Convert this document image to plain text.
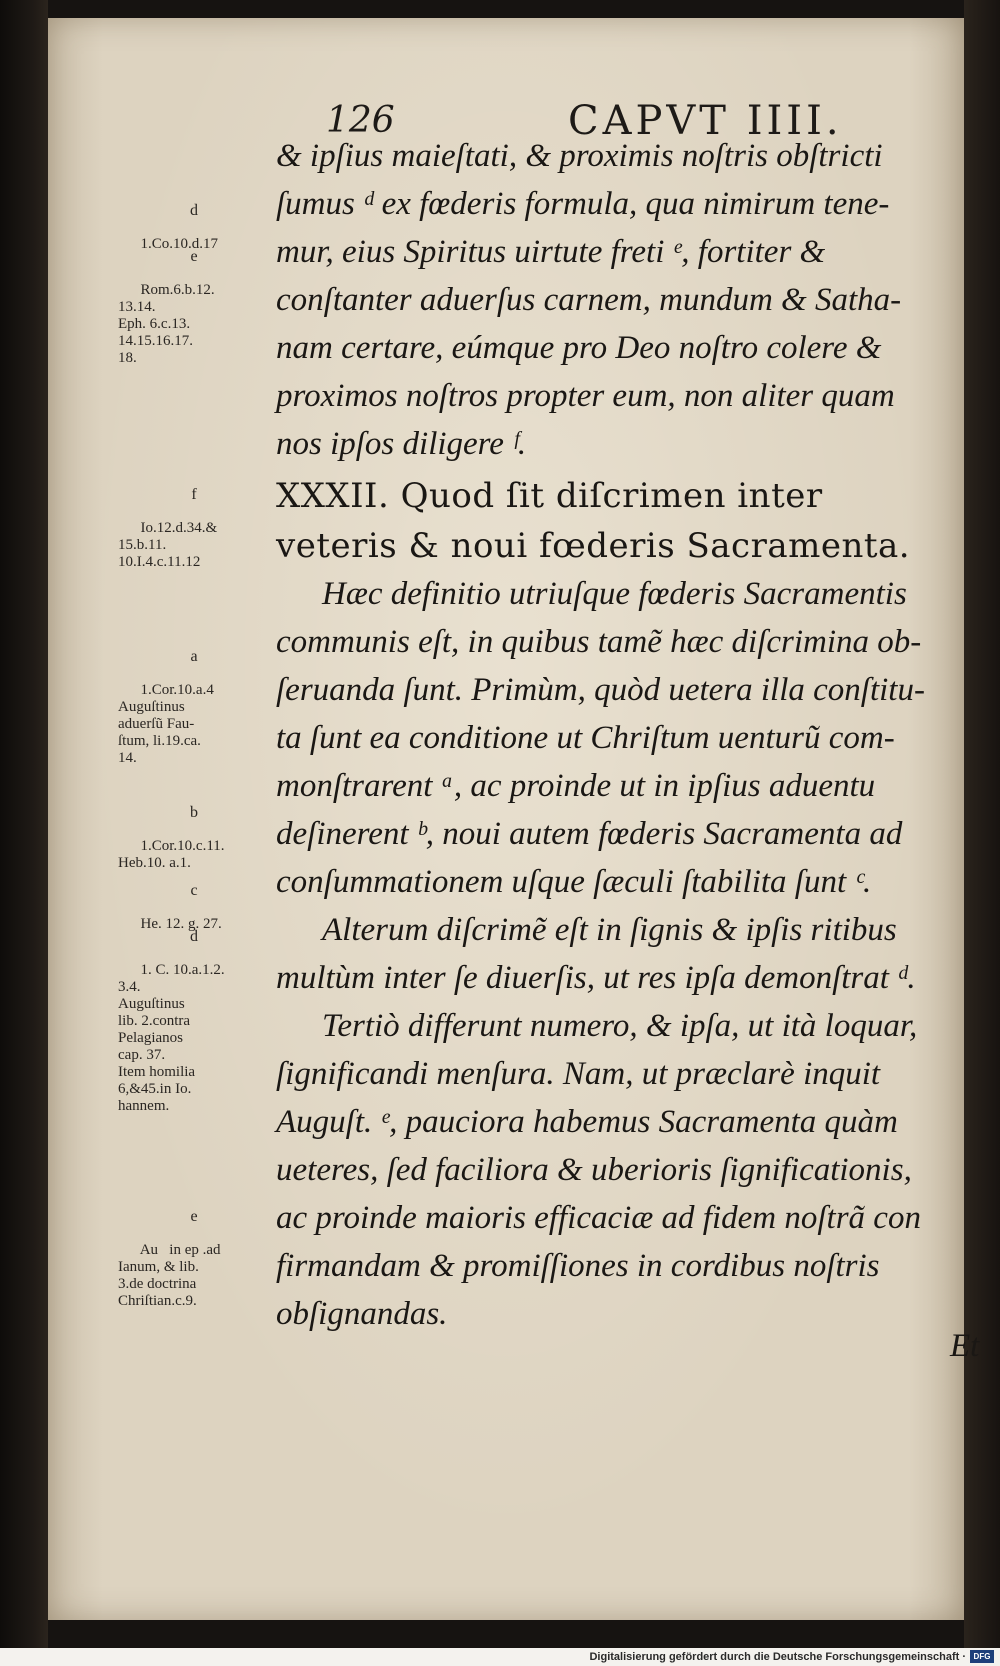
126	CAPVT IIII.

d

1.Co.10.d.17

e

Rom.6.b.12.
13.14.
Eph. 6.c.13.
14.15.16.17.
18.

f

Io.12.d.34.&
15.b.11.
10.I.4.c.11.12

a

1.Cor.10.a.4
Auguſtinus
aduerſũ Fau-
ſtum, li.19.ca.
14.

b

1.Cor.10.c.11.
Heb.10. a.1.

c

He. 12. g. 27.

d

1. C. 10.a.1.2.
3.4.
Auguſtinus
lib. 2.contra
Pelagianos
cap. 37.
Item homilia
6,&45.in Io.
hannem.

e

Au   in ep .ad
Ianum, & lib.
3.de doctrina
Chriſtian.c.9.

& ipſius maieſtati, & proximis noſtris obſtricti
ſumus ᵈ ex fœderis formula, qua nimirum tene-
mur, eius Spiritus uirtute freti ᵉ, fortiter &
conſtanter aduerſus carnem, mundum & Satha-
nam certare, eúmque pro Deo noſtro colere &
proximos noſtros propter eum, non aliter quam
nos ipſos diligere ᶠ.
XXXII. Quod ſit diſcrimen inter
veteris & noui fœderis Sacramenta.
Hæc definitio utriuſque fœderis Sacramentis
communis eſt, in quibus tamẽ hæc diſcrimina ob-
ſeruanda ſunt. Primùm, quòd uetera illa conſtitu-
ta ſunt ea conditione ut Chriſtum uenturũ com-
monſtrarent ᵃ, ac proinde ut in ipſius aduentu
deſinerent ᵇ, noui autem fœderis Sacramenta ad
conſummationem uſque ſæculi ſtabilita ſunt ᶜ.
Alterum diſcrimẽ eſt in ſignis & ipſis ritibus
multùm inter ſe diuerſis, ut res ipſa demonſtrat ᵈ.
Tertiò differunt numero, & ipſa, ut ità loquar,
ſignificandi menſura. Nam, ut præclarè inquit
Auguſt. ᵉ, pauciora habemus Sacramenta quàm
ueteres, ſed faciliora & uberioris ſignificationis,
ac proinde maioris efficaciæ ad fidem noſtrã con
firmandam & promiſſiones in cordibus noſtris
obſignandas.
Et
Digitalisierung gefördert durch die Deutsche Forschungsgemeinschaft · DFG
